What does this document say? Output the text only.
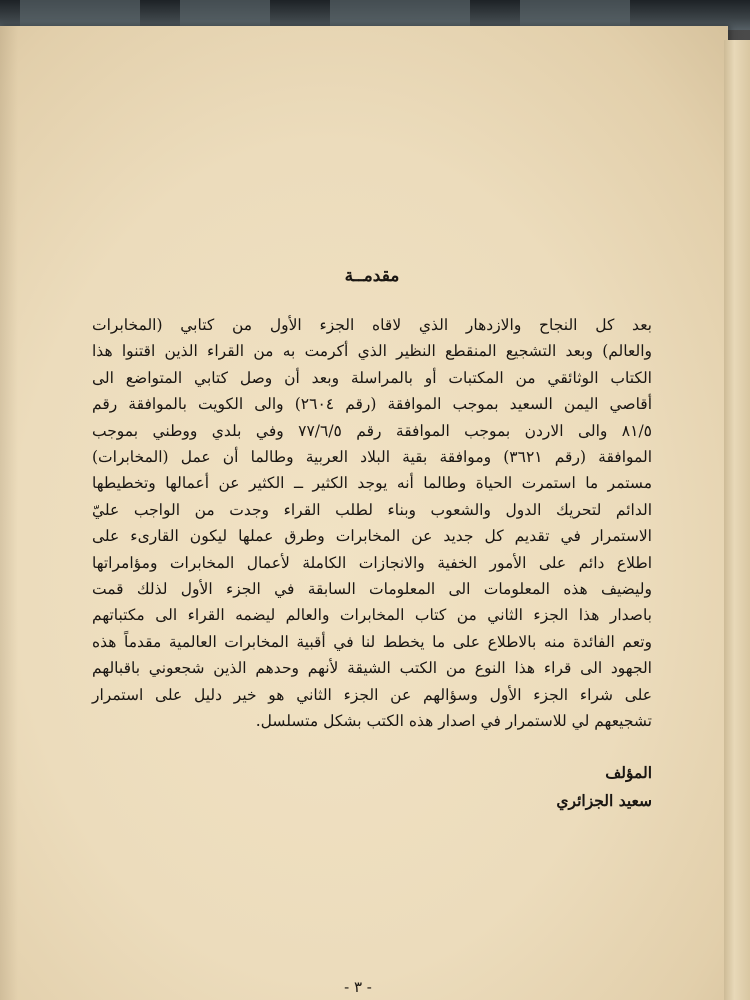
مقدمــة
بعد كل النجاح والازدهار الذي لاقاه الجزء الأول من كتابي (المخابرات
والعالم) وبعد التشجيع المنقطع النظير الذي أكرمت به من القراء الذين اقتنوا هذا
الكتاب الوثائقي من المكتبات أو بالمراسلة وبعد أن وصل كتابي المتواضع الى
أقاصي اليمن السعيد بموجب الموافقة (رقم ٢٦٠٤) والى الكويت بالموافقة رقم
٨١/٥ والى الاردن بموجب الموافقة رقم ٧٧/٦/٥ وفي بلدي ووطني بموجب
الموافقة (رقم ٣٦٢١) وموافقة بقية البلاد العربية وطالما أن عمل (المخابرات)
مستمر ما استمرت الحياة وطالما أنه يوجد الكثير ــ الكثير عن أعمالها وتخطيطها
الدائم لتحريك الدول والشعوب وبناء لطلب القراء وجدت من الواجب عليّ
الاستمرار في تقديم كل جديد عن المخابرات وطرق عملها ليكون القارىء على
اطلاع دائم على الأمور الخفية والانجازات الكاملة لأعمال المخابرات ومؤامراتها
وليضيف هذه المعلومات الى المعلومات السابقة في الجزء الأول لذلك قمت
باصدار هذا الجزء الثاني من كتاب المخابرات والعالم ليضمه القراء الى مكتباتهم
وتعم الفائدة منه بالاطلاع على ما يخطط لنا في أقبية المخابرات العالمية مقدماً هذه
الجهود الى قراء هذا النوع من الكتب الشيقة لأنهم وحدهم الذين شجعوني باقبالهم
على شراء الجزء الأول وسؤالهم عن الجزء الثاني هو خير دليل على استمرار
تشجيعهم لي للاستمرار في اصدار هذه الكتب بشكل متسلسل.
المؤلف
سعيد الجزائري
- ٣ -
